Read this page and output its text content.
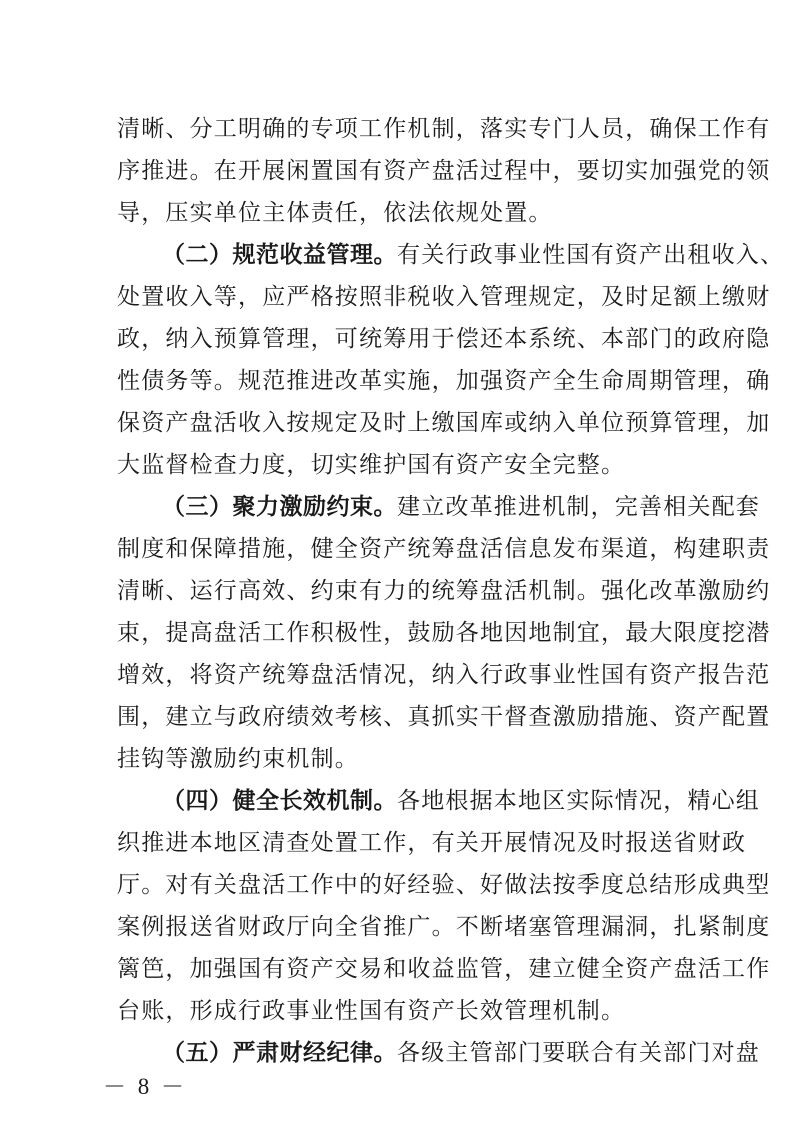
清晰、分工明确的专项工作机制，落实专门人员，确保工作有
序推进。在开展闲置国有资产盘活过程中，要切实加强党的领
导，压实单位主体责任，依法依规处置。
（二）规范收益管理。有关行政事业性国有资产出租收入、
处置收入等，应严格按照非税收入管理规定，及时足额上缴财
政，纳入预算管理，可统筹用于偿还本系统、本部门的政府隐
性债务等。规范推进改革实施，加强资产全生命周期管理，确
保资产盘活收入按规定及时上缴国库或纳入单位预算管理，加
大监督检查力度，切实维护国有资产安全完整。
（三）聚力激励约束。建立改革推进机制，完善相关配套
制度和保障措施，健全资产统筹盘活信息发布渠道，构建职责
清晰、运行高效、约束有力的统筹盘活机制。强化改革激励约
束，提高盘活工作积极性，鼓励各地因地制宜，最大限度挖潜
增效，将资产统筹盘活情况，纳入行政事业性国有资产报告范
围，建立与政府绩效考核、真抓实干督查激励措施、资产配置
挂钩等激励约束机制。
（四）健全长效机制。各地根据本地区实际情况，精心组
织推进本地区清查处置工作，有关开展情况及时报送省财政
厅。对有关盘活工作中的好经验、好做法按季度总结形成典型
案例报送省财政厅向全省推广。不断堵塞管理漏洞，扎紧制度
篱笆，加强国有资产交易和收益监管，建立健全资产盘活工作
台账，形成行政事业性国有资产长效管理机制。
（五）严肃财经纪律。各级主管部门要联合有关部门对盘
－ 8 －
